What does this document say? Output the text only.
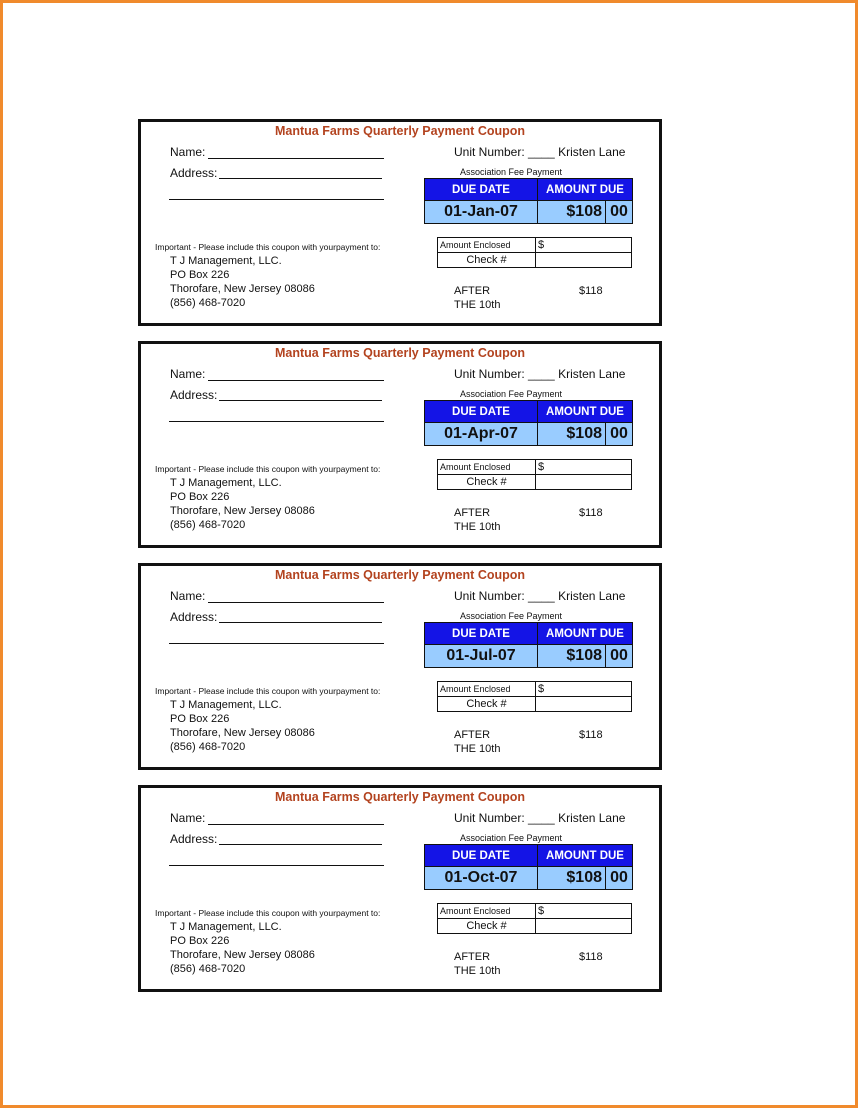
Mantua Farms Quarterly Payment Coupon
Name:
Address:
Unit Number: ____ Kristen Lane
Association Fee Payment
DUE DATE	AMOUNT DUE	
01-Jan-07	$108	00
Important - Please include this coupon with yourpayment to:
T J Management, LLC.
PO Box 226
Thorofare, New Jersey 08086
(856) 468-7020
Amount Enclosed	$
Check #	
AFTER
THE 10th
$118
Mantua Farms Quarterly Payment Coupon
Name:
Address:
Unit Number: ____ Kristen Lane
Association Fee Payment
DUE DATE	AMOUNT DUE	
01-Apr-07	$108	00
Important - Please include this coupon with yourpayment to:
T J Management, LLC.
PO Box 226
Thorofare, New Jersey 08086
(856) 468-7020
Amount Enclosed	$
Check #	
AFTER
THE 10th
$118
Mantua Farms Quarterly Payment Coupon
Name:
Address:
Unit Number: ____ Kristen Lane
Association Fee Payment
DUE DATE	AMOUNT DUE	
01-Jul-07	$108	00
Important - Please include this coupon with yourpayment to:
T J Management, LLC.
PO Box 226
Thorofare, New Jersey 08086
(856) 468-7020
Amount Enclosed	$
Check #	
AFTER
THE 10th
$118
Mantua Farms Quarterly Payment Coupon
Name:
Address:
Unit Number: ____ Kristen Lane
Association Fee Payment
DUE DATE	AMOUNT DUE	
01-Oct-07	$108	00
Important - Please include this coupon with yourpayment to:
T J Management, LLC.
PO Box 226
Thorofare, New Jersey 08086
(856) 468-7020
Amount Enclosed	$
Check #	
AFTER
THE 10th
$118
